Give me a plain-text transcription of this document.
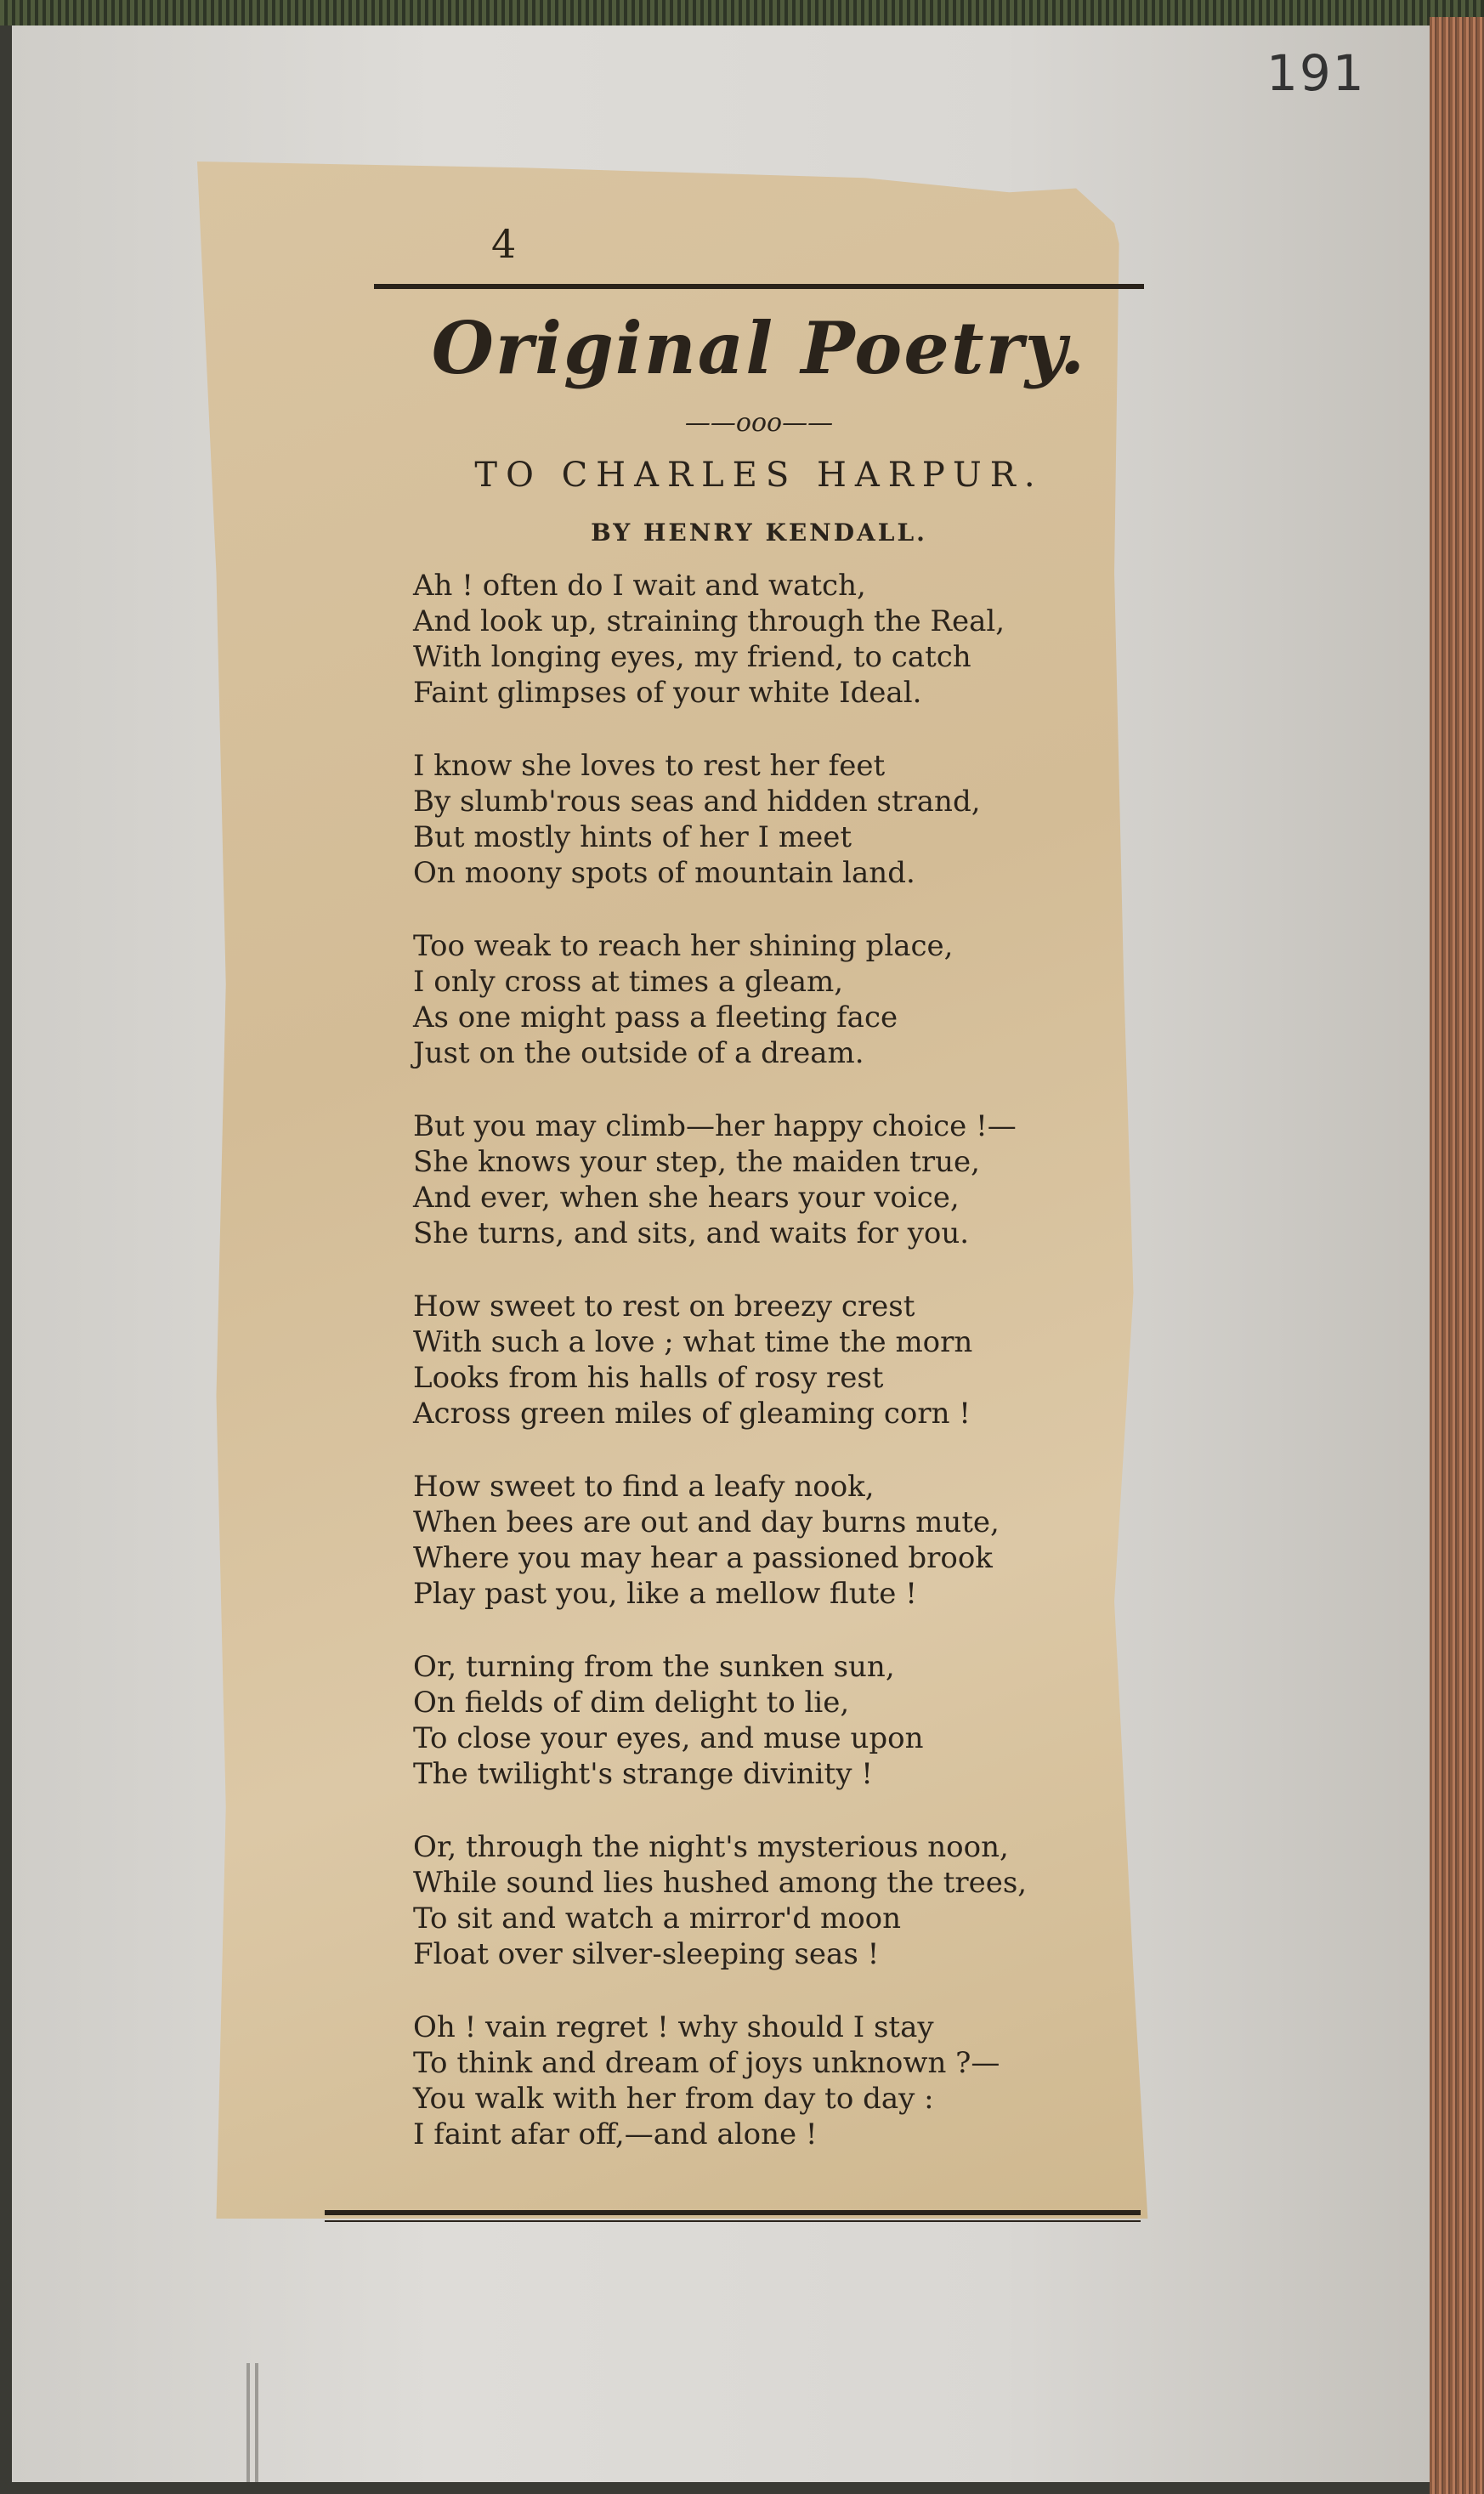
191
4
Original Poetry.
——ooo——
TO CHARLES HARPUR.
BY HENRY KENDALL.
Ah ! often do I wait and watch,
And look up, straining through the Real,
With longing eyes, my friend, to catch
Faint glimpses of your white Ideal.
I know she loves to rest her feet
By slumb'rous seas and hidden strand,
But mostly hints of her I meet
On moony spots of mountain land.
Too weak to reach her shining place,
I only cross at times a gleam,
As one might pass a fleeting face
Just on the outside of a dream.
But you may climb—her happy choice !—
She knows your step, the maiden true,
And ever, when she hears your voice,
She turns, and sits, and waits for you.
How sweet to rest on breezy crest
With such a love ; what time the morn
Looks from his halls of rosy rest
Across green miles of gleaming corn !
How sweet to find a leafy nook,
When bees are out and day burns mute,
Where you may hear a passioned brook
Play past you, like a mellow flute !
Or, turning from the sunken sun,
On fields of dim delight to lie,
To close your eyes, and muse upon
The twilight's strange divinity !
Or, through the night's mysterious noon,
While sound lies hushed among the trees,
To sit and watch a mirror'd moon
Float over silver-sleeping seas !
Oh ! vain regret ! why should I stay
To think and dream of joys unknown ?—
You walk with her from day to day :
I faint afar off,—and alone !
